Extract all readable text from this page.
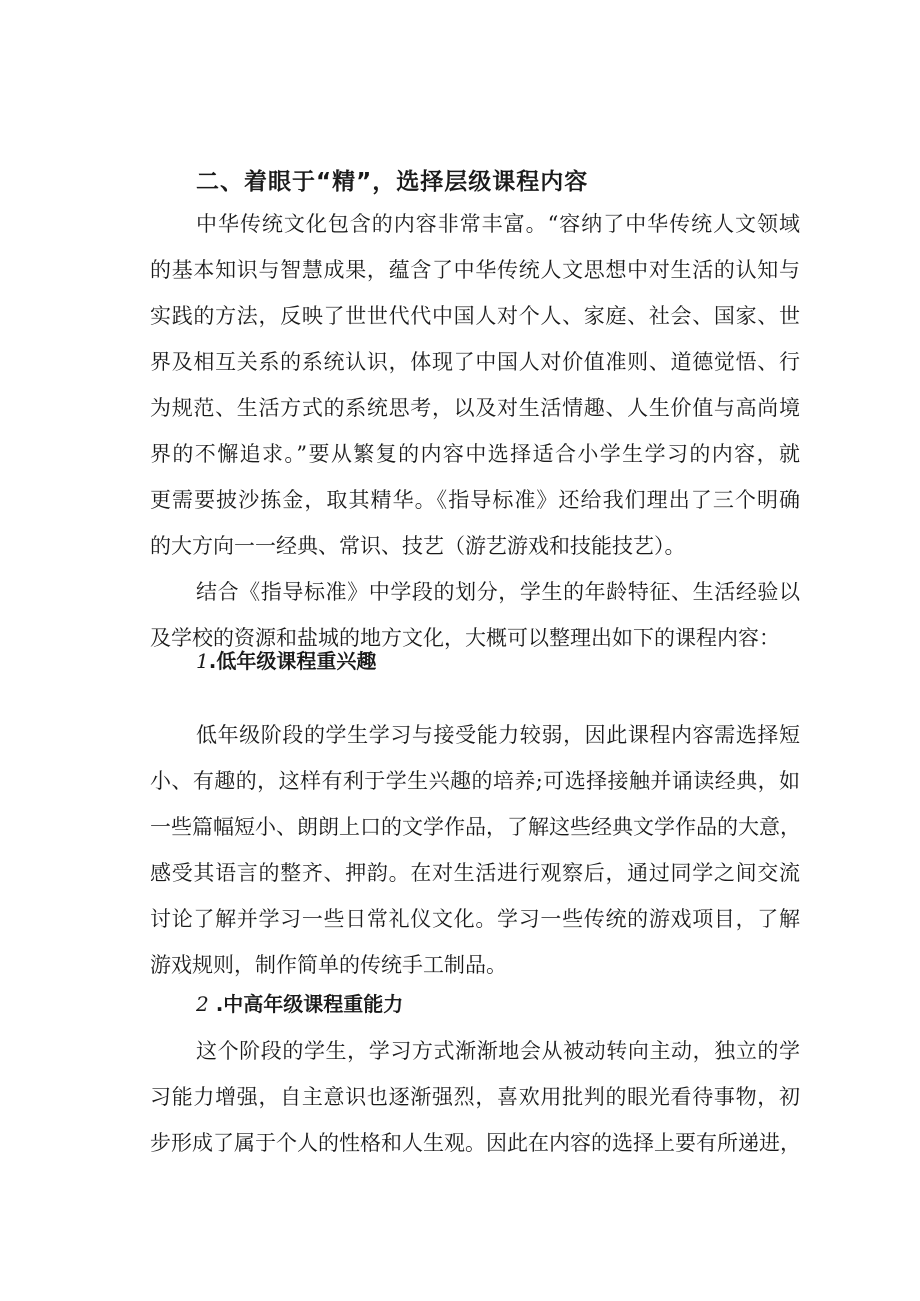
二、着眼于“精”，选择层级课程内容
中华传统文化包含的内容非常丰富。“容纳了中华传统人文领域
的基本知识与智慧成果，蕴含了中华传统人文思想中对生活的认知与
实践的方法，反映了世世代代中国人对个人、家庭、社会、国家、世
界及相互关系的系统认识，体现了中国人对价值准则、道德觉悟、行
为规范、生活方式的系统思考，以及对生活情趣、人生价值与高尚境
界的不懈追求。”要从繁复的内容中选择适合小学生学习的内容，就
更需要披沙拣金，取其精华。《指导标准》还给我们理出了三个明确
的大方向一一经典、常识、技艺（游艺游戏和技能技艺）。
结合《指导标准》中学段的划分，学生的年龄特征、生活经验以
及学校的资源和盐城的地方文化，大概可以整理出如下的课程内容：
低年级阶段的学生学习与接受能力较弱，因此课程内容需选择短
小、有趣的，这样有利于学生兴趣的培养;可选择接触并诵读经典，如
一些篇幅短小、朗朗上口的文学作品，了解这些经典文学作品的大意，
感受其语言的整齐、押韵。在对生活进行观察后，通过同学之间交流
讨论了解并学习一些日常礼仪文化。学习一些传统的游戏项目，了解
游戏规则，制作简单的传统手工制品。
这个阶段的学生，学习方式渐渐地会从被动转向主动，独立的学
习能力增强，自主意识也逐渐强烈，喜欢用批判的眼光看待事物，初
步形成了属于个人的性格和人生观。因此在内容的选择上要有所递进，
1.低年级课程重兴趣
2 .中高年级课程重能力
